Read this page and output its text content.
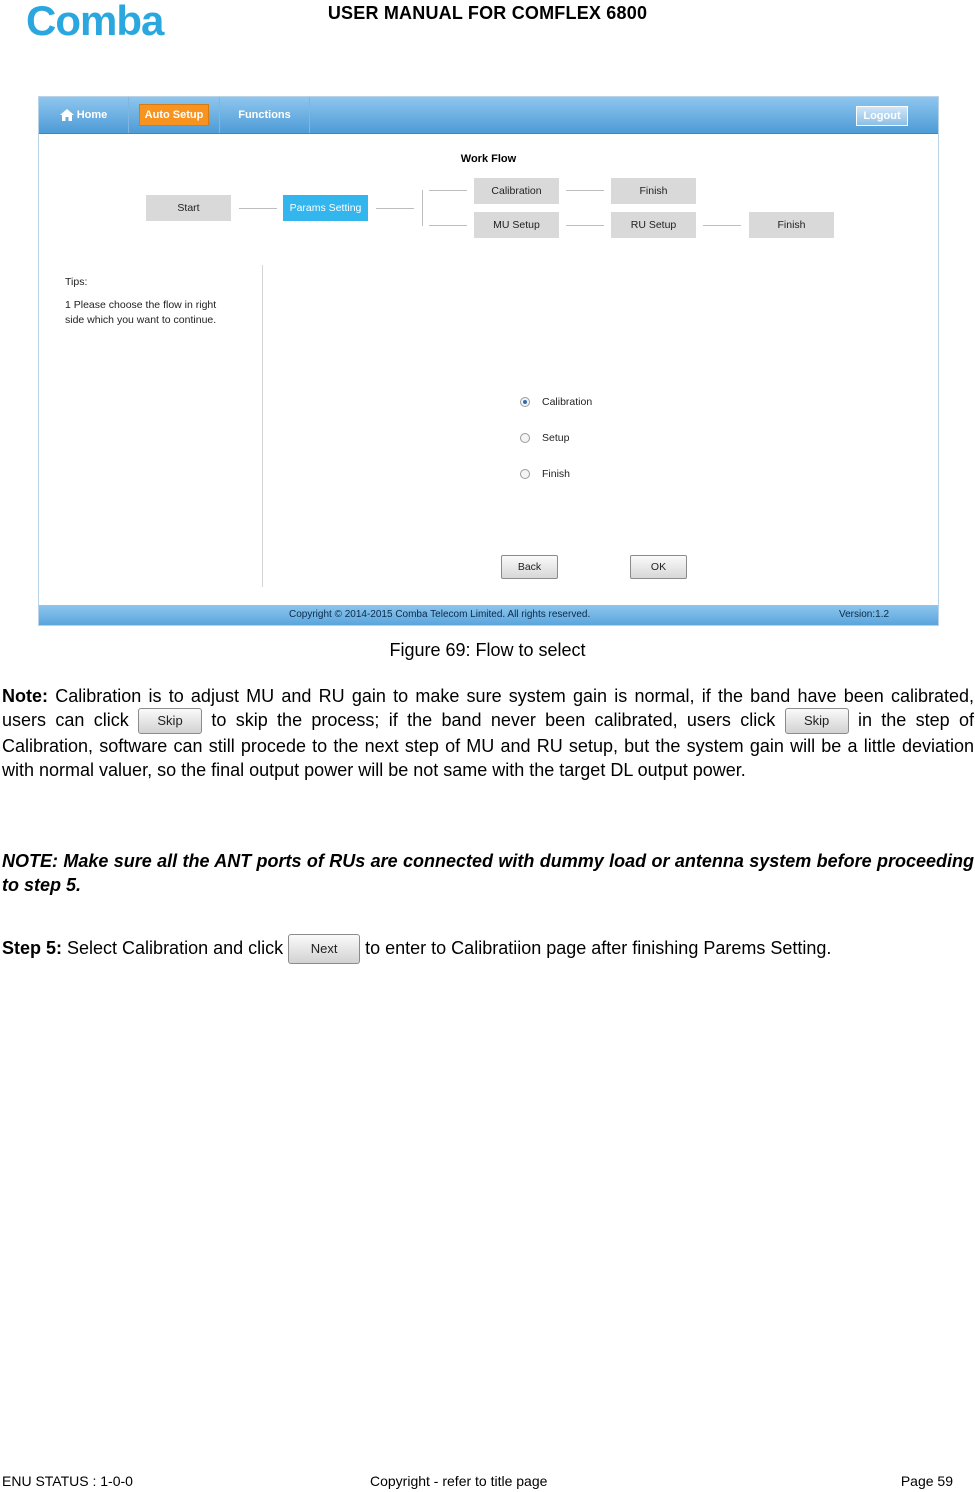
Comba	USER MANUAL FOR COMFLEX 6800
Home	Auto Setup	Functions	Logout
Work Flow
Start	Params Setting
Calibration	Finish
MU Setup	RU Setup	Finish
Tips:
1 Please choose the flow in right
side which you want to continue.
Calibration
Setup
Finish
Back	OK
Copyright © 2014-2015 Comba Telecom Limited. All rights reserved.	Version:1.2
Figure 69: Flow to select
Note: Calibration is to adjust MU and RU gain to make sure system gain is normal, if the band have been calibrated, users can click Skip to skip the process; if the band never been calibrated, users click Skip in the step of Calibration, software can still procede to the next step of MU and RU setup, but the system gain will be a little deviation with normal valuer, so the final output power will be not same with the target DL output power.
NOTE: Make sure all the ANT ports of RUs are connected with dummy load or antenna system before proceeding to step 5.
Step 5: Select Calibration and click Next to enter to Calibratiion page after finishing Parems Setting.
ENU STATUS : 1-0-0	Copyright - refer to title page	Page 59
